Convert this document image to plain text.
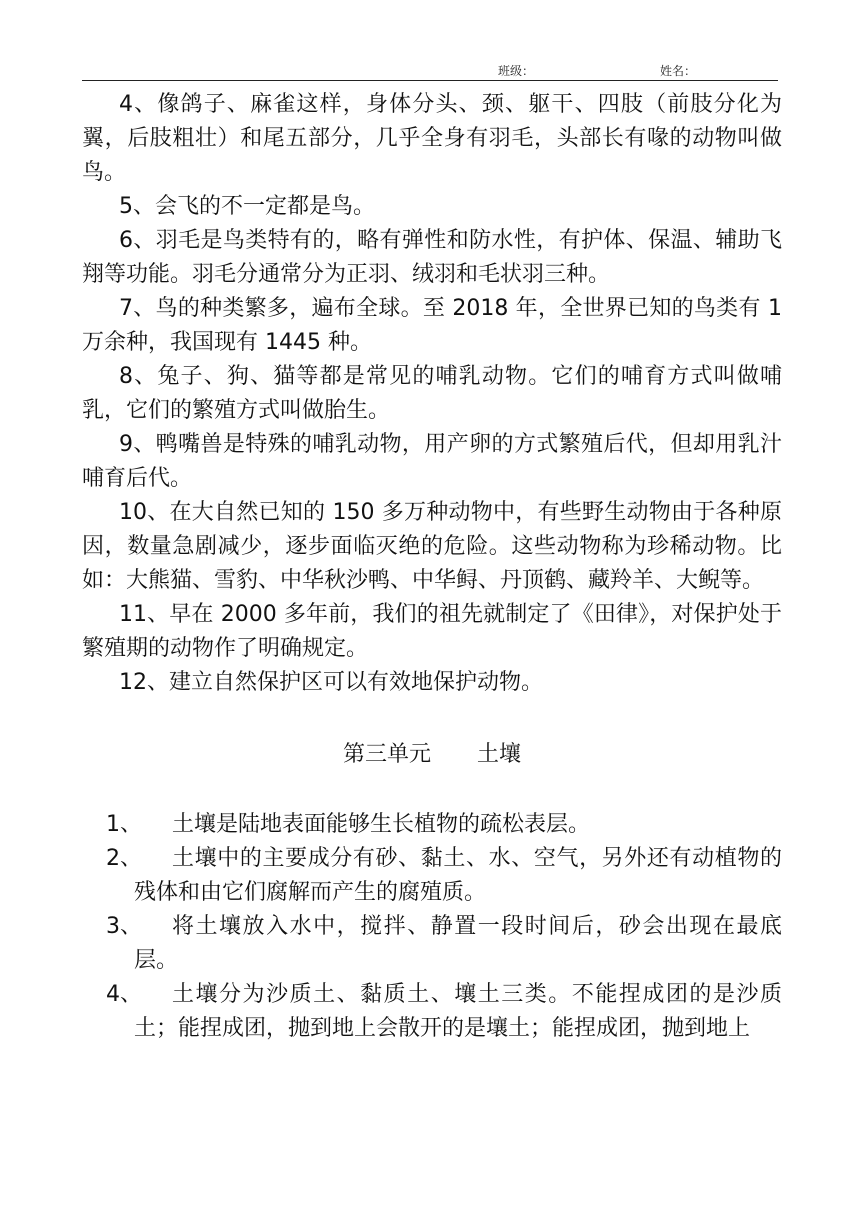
班级：	姓名：

4、像鸽子、麻雀这样，身体分头、颈、躯干、四肢（前肢分化为翼，后肢粗壮）和尾五部分，几乎全身有羽毛，头部长有喙的动物叫做鸟。

5、会飞的不一定都是鸟。

6、羽毛是鸟类特有的，略有弹性和防水性，有护体、保温、辅助飞翔等功能。羽毛分通常分为正羽、绒羽和毛状羽三种。

7、鸟的种类繁多，遍布全球。至 2018 年，全世界已知的鸟类有 1 万余种，我国现有 1445 种。

8、兔子、狗、猫等都是常见的哺乳动物。它们的哺育方式叫做哺乳，它们的繁殖方式叫做胎生。

9、鸭嘴兽是特殊的哺乳动物，用产卵的方式繁殖后代，但却用乳汁哺育后代。

10、在大自然已知的 150 多万种动物中，有些野生动物由于各种原因，数量急剧减少，逐步面临灭绝的危险。这些动物称为珍稀动物。比如：大熊猫、雪豹、中华秋沙鸭、中华鲟、丹顶鹤、藏羚羊、大鲵等。

11、早在 2000 多年前，我们的祖先就制定了《田律》，对保护处于繁殖期的动物作了明确规定。

12、建立自然保护区可以有效地保护动物。

第三单元 土壤
1、	土壤是陆地表面能够生长植物的疏松表层。
2、	土壤中的主要成分有砂、黏土、水、空气，另外还有动植物的残体和由它们腐解而产生的腐殖质。
3、	将土壤放入水中，搅拌、静置一段时间后，砂会出现在最底层。
4、	土壤分为沙质土、黏质土、壤土三类。不能捏成团的是沙质土；能捏成团，抛到地上会散开的是壤土；能捏成团，抛到地上
